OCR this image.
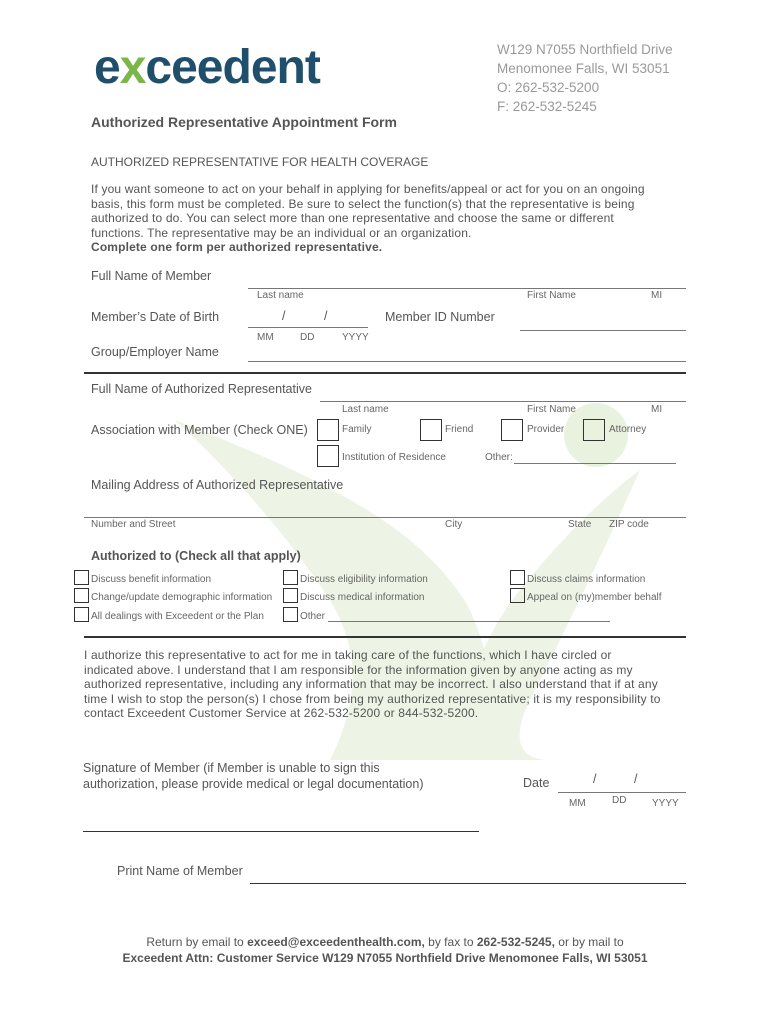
exceedent	W129 N7055 Northfield Drive
Menomonee Falls, WI 53051
O: 262-532-5200
F: 262-532-5245
Authorized Representative Appointment Form
AUTHORIZED REPRESENTATIVE FOR HEALTH COVERAGE
If you want someone to act on your behalf in applying for benefits/appeal or act for you on an ongoing
basis, this form must be completed. Be sure to select the function(s) that the representative is being
authorized to do. You can select more than one representative and choose the same or different
functions. The representative may be an individual or an organization.
Complete one form per authorized representative.
Full Name of Member
Last name	First Name	MI
Member’s Date of Birth	/	/
MM	DD	YYYY
Member ID Number
Group/Employer Name
Full Name of Authorized Representative
Last name	First Name	MI
Association with Member (Check ONE)	Family	Friend	Provider	Attorney
Institution of Residence	Other:
Mailing Address of Authorized Representative
Number and Street	City	State ZIP code
Authorized to (Check all that apply)
Discuss benefit information	Discuss eligibility information	Discuss claims information
Change/update demographic information	Discuss medical information	Appeal on (my)member behalf
All dealings with Exceedent or the Plan	Other
I authorize this representative to act for me in taking care of the functions, which I have circled or
indicated above. I understand that I am responsible for the information given by anyone acting as my
authorized representative, including any information that may be incorrect. I also understand that if at any
time I wish to stop the person(s) I chose from being my authorized representative; it is my responsibility to
contact Exceedent Customer Service at 262-532-5200 or 844-532-5200.
Signature of Member (if Member is unable to sign this
authorization, please provide medical or legal documentation)	Date	/	/
MM	DD	YYYY
Print Name of Member
Return by email to exceed@exceedenthealth.com, by fax to 262-532-5245, or by mail to
Exceedent Attn: Customer Service W129 N7055 Northfield Drive Menomonee Falls, WI 53051
